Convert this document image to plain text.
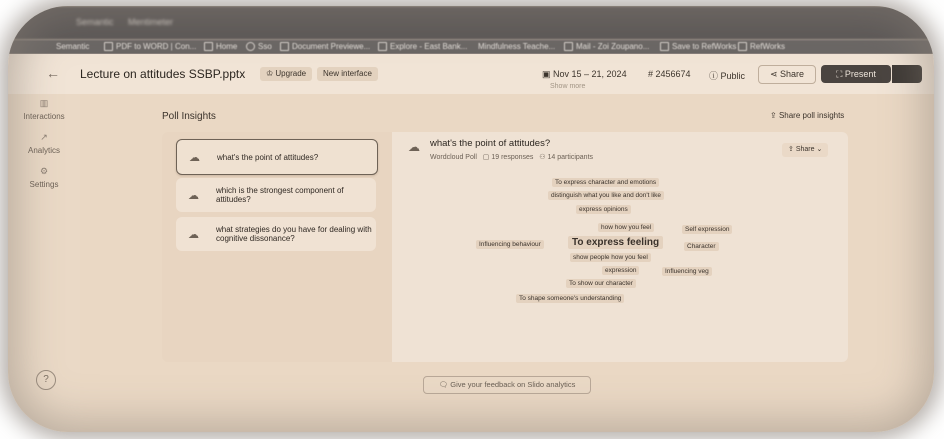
Semantic Mentimeter
Semantic	PDF to WORD | Con... Home	Sso	Document Previewe... Explore - East Bank... Mindfulness Teache...	Mail - Zoi Zoupano...	Save to RefWorks RefWorks
← Lecture on attitudes SSBP.pptx	♔ Upgrade	New interface	▣ Nov 15 – 21, 2024 # 2456674 ⓘ Public	⋖ Share	⛶ Present
▥
Interactions
↗
Analytics
⚙
Settings
?
Show more
Poll Insights	⇪ Share poll insights
☁	what's the point of attitudes?
☁	which is the strongest component of attitudes?
☁	what strategies do you have for dealing with cognitive dissonance?
☁ what's the point of attitudes?
Wordcloud Poll ▢ 19 responses ⚇ 14 participants
⇪ Share ⌄
To express character and emotions
distinguish what you like and don't like
express opinions
how how you feel	Self expression
Influencing behaviour	To express feeling	Character
show people how you feel
expression	Influencing veg
To show our character
To shape someone's understanding
🗨 Give your feedback on Slido analytics
